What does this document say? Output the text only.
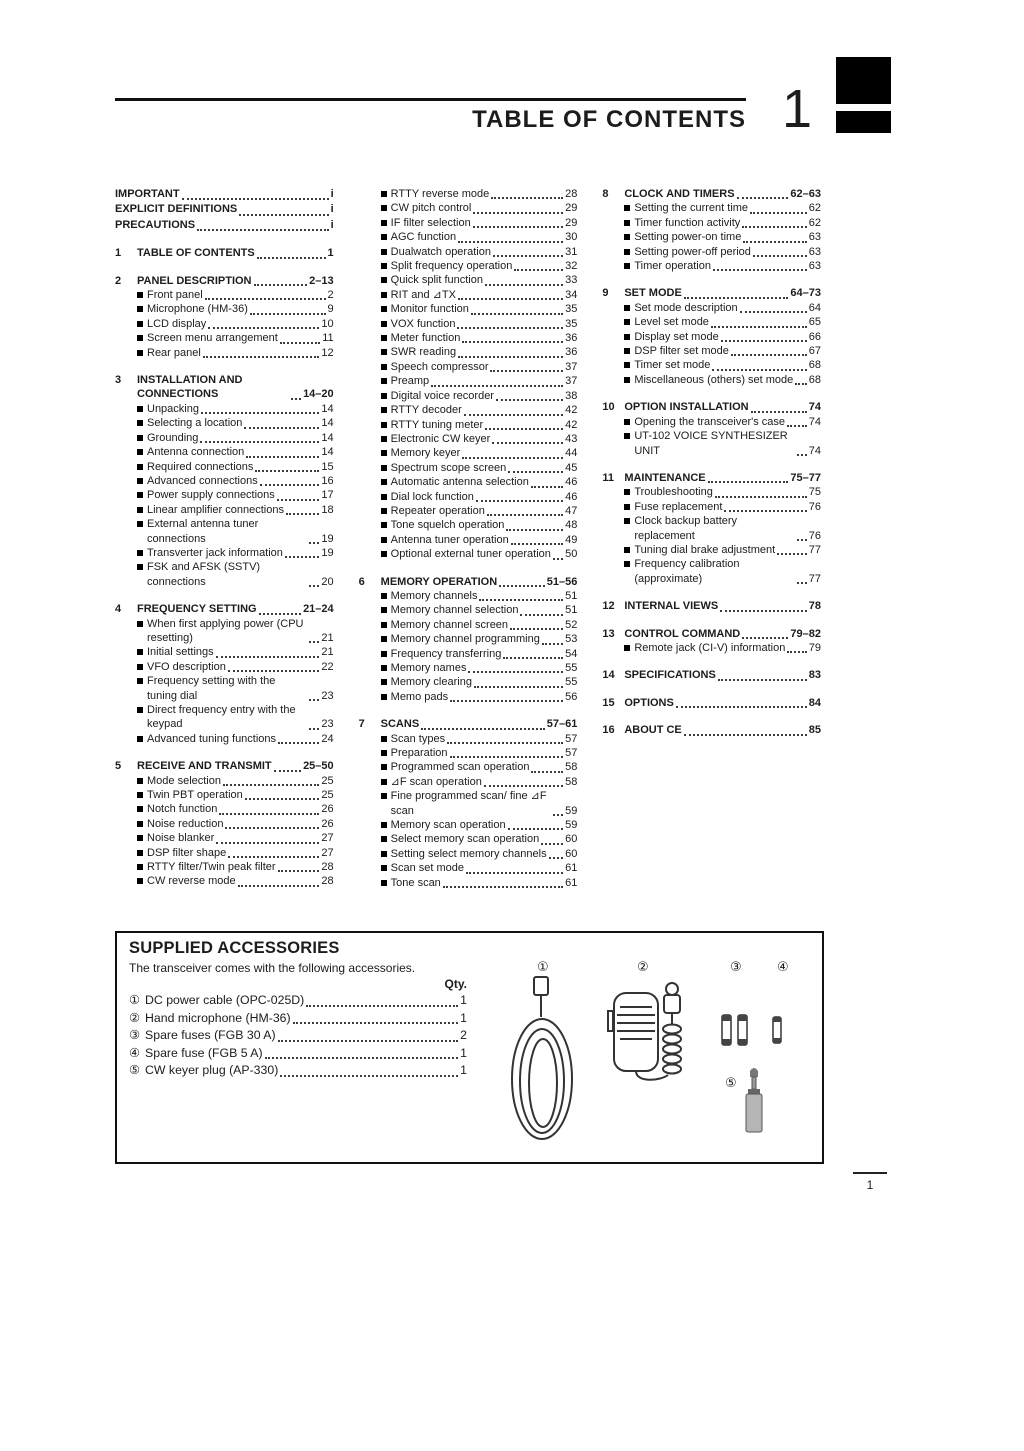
TABLE OF CONTENTS 1
IMPORTANT	i
EXPLICIT DEFINITIONS	i
PRECAUTIONS	i
1	TABLE OF CONTENTS	1
2	PANEL DESCRIPTION	2–13
Front panel	2
Microphone (HM-36)	9
LCD display	10
Screen menu arrangement	11
Rear panel	12
3	INSTALLATION AND CONNECTIONS	14–20
Unpacking	14
Selecting a location	14
Grounding	14
Antenna connection	14
Required connections	15
Advanced connections	16
Power supply connections	17
Linear amplifier connections	18
External antenna tuner connections	19
Transverter jack information	19
FSK and AFSK (SSTV) connections	20
4	FREQUENCY SETTING	21–24
When first applying power (CPU resetting)	21
Initial settings	21
VFO description	22
Frequency setting with the tuning dial	23
Direct frequency entry with the keypad	23
Advanced tuning functions	24
5	RECEIVE AND TRANSMIT	25–50
Mode selection	25
Twin PBT operation	25
Notch function	26
Noise reduction	26
Noise blanker	27
DSP filter shape	27
RTTY filter/Twin peak filter	28
CW reverse mode	28
RTTY reverse mode	28
CW pitch control	29
IF filter selection	29
AGC function	30
Dualwatch operation	31
Split frequency operation	32
Quick split function	33
RIT and ⊿TX	34
Monitor function	35
VOX function	35
Meter function	36
SWR reading	36
Speech compressor	37
Preamp	37
Digital voice recorder	38
RTTY decoder	42
RTTY tuning meter	42
Electronic CW keyer	43
Memory keyer	44
Spectrum scope screen	45
Automatic antenna selection	46
Dial lock function	46
Repeater operation	47
Tone squelch operation	48
Antenna tuner operation	49
Optional external tuner operation 50
6	MEMORY OPERATION	51–56
Memory channels	51
Memory channel selection	51
Memory channel screen	52
Memory channel programming 53
Frequency transferring	54
Memory names	55
Memory clearing	55
Memo pads	56
7	SCANS	57–61
Scan types	57
Preparation	57
Programmed scan operation	58
⊿F scan operation	58
Fine programmed scan/ fine ⊿F scan	59
Memory scan operation	59
Select memory scan operation 60
Setting select memory channels 60
Scan set mode	61
Tone scan	61
8	CLOCK AND TIMERS	62–63
Setting the current time	62
Timer function activity	62
Setting power-on time	63
Setting power-off period	63
Timer operation	63
9	SET MODE	64–73
Set mode description	64
Level set mode	65
Display set mode	66
DSP filter set mode	67
Timer set mode	68
Miscellaneous (others) set mode 68
10 OPTION INSTALLATION	74
Opening the transceiver's case 74
UT-102 VOICE SYNTHESIZER UNIT	74
11 MAINTENANCE	75–77
Troubleshooting	75
Fuse replacement	76
Clock backup battery replacement	76
Tuning dial brake adjustment	77
Frequency calibration (approximate)	77
12 INTERNAL VIEWS	78
13 CONTROL COMMAND	79–82
Remote jack (CI-V) information 79
14 SPECIFICATIONS	83
15 OPTIONS	84
16 ABOUT CE	85
SUPPLIED ACCESSORIES
The transceiver comes with the following accessories.
Qty.
① DC power cable (OPC-025D)	1
② Hand microphone (HM-36)	1
③ Spare fuses (FGB 30 A)	2
④ Spare fuse (FGB 5 A)	1
⑤ CW keyer plug (AP-330)	1
①	②	③	④
⑤
1
